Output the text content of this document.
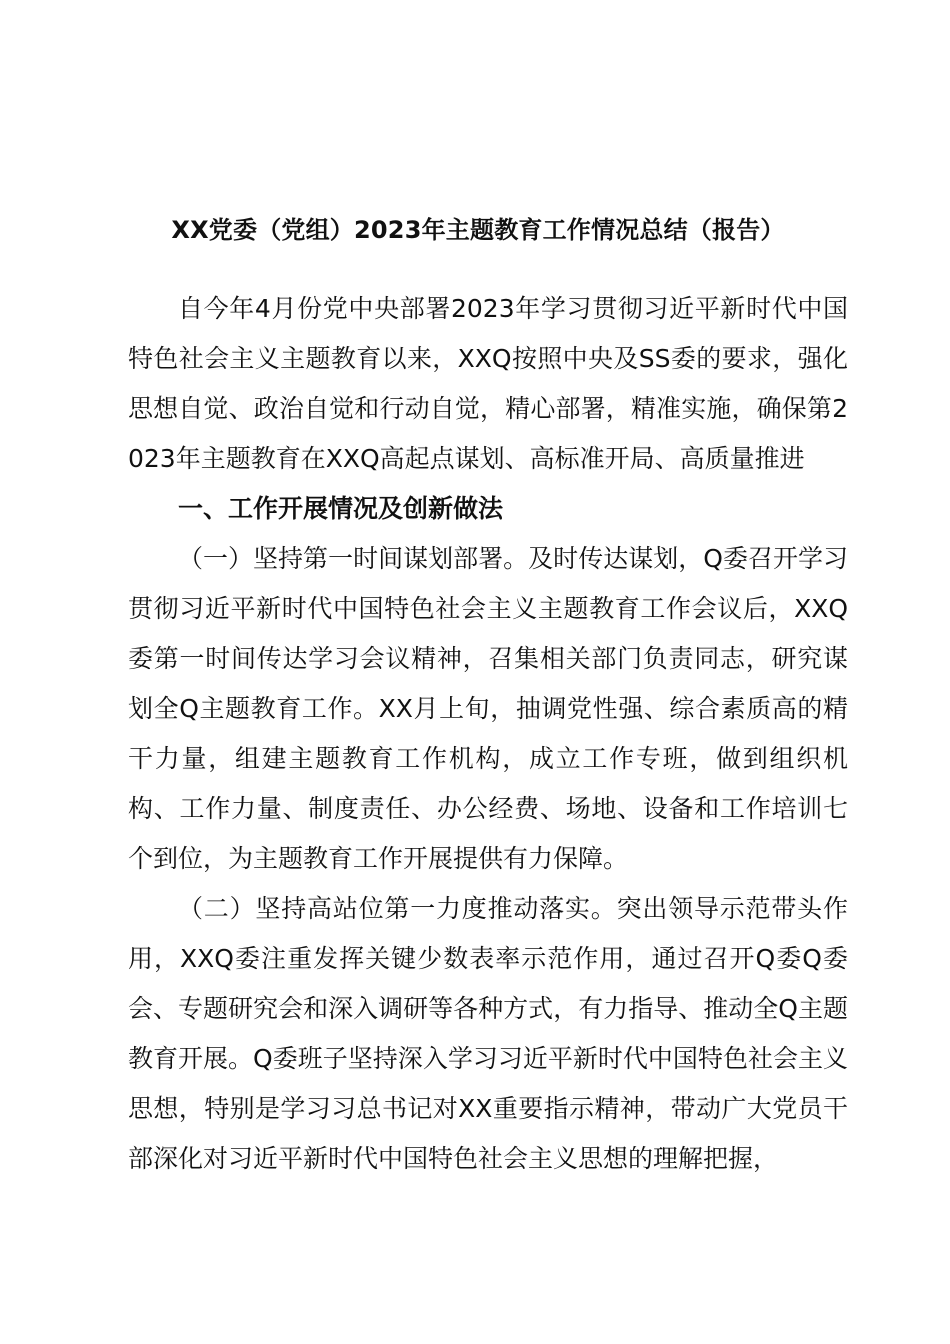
XX党委（党组）2023年主题教育工作情况总结（报告）

自今年4月份党中央部署2023年学习贯彻习近平新时代中国特色社会主义主题教育以来，XXQ按照中央及SS委的要求，强化思想自觉、政治自觉和行动自觉，精心部署，精准实施，确保第2023年主题教育在XXQ高起点谋划、高标准开局、高质量推进

一、工作开展情况及创新做法

（一）坚持第一时间谋划部署。及时传达谋划，Q委召开学习贯彻习近平新时代中国特色社会主义主题教育工作会议后，XXQ委第一时间传达学习会议精神，召集相关部门负责同志，研究谋划全Q主题教育工作。XX月上旬，抽调党性强、综合素质高的精干力量，组建主题教育工作机构，成立工作专班，做到组织机构、工作力量、制度责任、办公经费、场地、设备和工作培训七个到位，为主题教育工作开展提供有力保障。

（二）坚持高站位第一力度推动落实。突出领导示范带头作用，XXQ委注重发挥关键少数表率示范作用，通过召开Q委Q委会、专题研究会和深入调研等各种方式，有力指导、推动全Q主题教育开展。Q委班子坚持深入学习习近平新时代中国特色社会主义思想，特别是学习习总书记对XX重要指示精神，带动广大党员干部深化对习近平新时代中国特色社会主义思想的理解把握，
